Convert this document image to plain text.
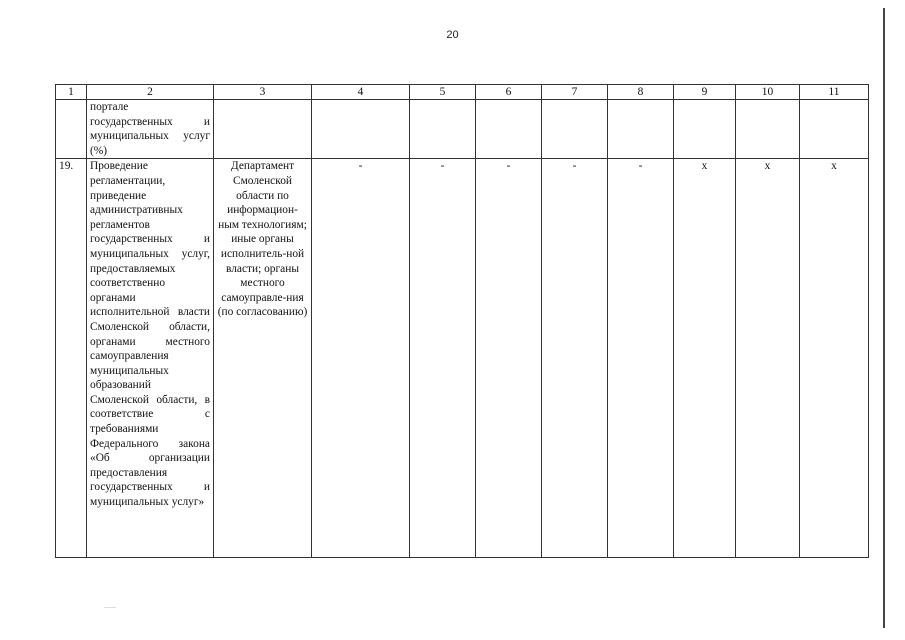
20
1	2	3	4	5	6	7	8	9	10	11
	портале государственных и муниципальных услуг (%)									
19.	Проведение регламентации, приведение административных регламентов государственных и муниципальных услуг, предоставляемых соответственно органами исполнительной власти Смоленской области, органами местного самоуправления муниципальных образований Смоленской области, в соответствие с требованиями Федерального закона «Об организации предоставления государственных и муниципальных услуг»	Департамент Смоленской области по информацион-ным технологиям; иные органы исполнитель-ной власти; органы местного самоуправле-ния (по согласованию)	-	-	-	-	-	х	х	х
